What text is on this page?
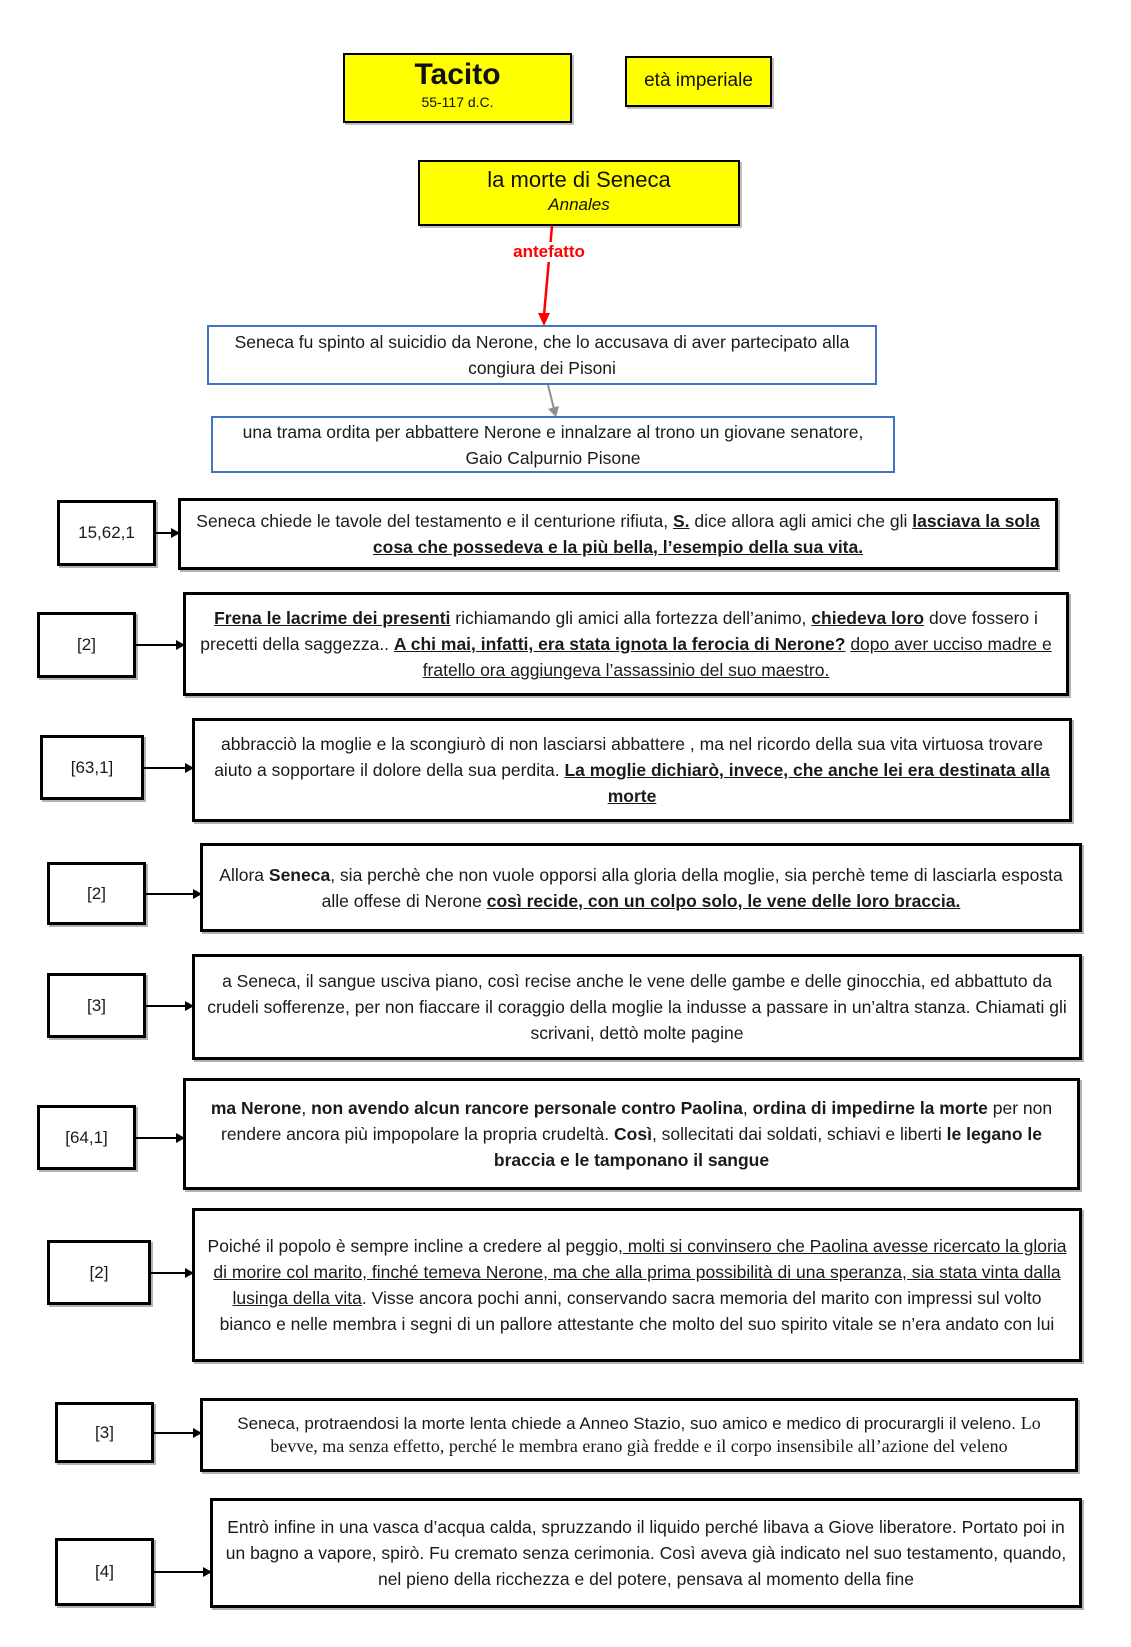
Tacito
55-117 d.C.
età imperiale
la morte di Seneca
Annales
antefatto
Seneca fu spinto al suicidio da Nerone, che lo accusava di aver partecipato alla congiura dei Pisoni
una trama ordita per abbattere Nerone e innalzare al trono un giovane senatore, Gaio Calpurnio Pisone
15,62,1

Seneca chiede le tavole del testamento e il centurione rifiuta, S. dice allora agli amici che gli lasciava la sola cosa che possedeva e la più bella, l’esempio della sua vita.

[2]

Frena le lacrime dei presenti richiamando gli amici alla fortezza dell’animo, chiedeva loro dove fossero i precetti della saggezza.. A chi mai, infatti, era stata ignota la ferocia di Nerone? dopo aver ucciso madre e fratello ora aggiungeva l’assassinio del suo maestro.

[63,1]

abbracciò la moglie e la scongiurò di non lasciarsi abbattere , ma nel ricordo della sua vita virtuosa trovare aiuto a sopportare il dolore della sua perdita. La moglie dichiarò, invece, che anche lei era destinata alla morte

[2]

Allora Seneca, sia perchè che non vuole opporsi alla gloria della moglie, sia perchè teme di lasciarla esposta alle offese di Nerone così recide, con un colpo solo, le vene delle loro braccia.

[3]

a Seneca, il sangue usciva piano, così recise anche le vene delle gambe e delle ginocchia, ed abbattuto da crudeli sofferenze, per non fiaccare il coraggio della moglie la indusse a passare in un’altra stanza. Chiamati gli scrivani, dettò molte pagine

[64,1]

ma Nerone, non avendo alcun rancore personale contro Paolina, ordina di impedirne la morte per non rendere ancora più impopolare la propria crudeltà. Così, sollecitati dai soldati, schiavi e liberti le legano le braccia e le tamponano il sangue

[2]

Poiché il popolo è sempre incline a credere al peggio, molti si convinsero che Paolina avesse ricercato la gloria di morire col marito, finché temeva Nerone, ma che alla prima possibilità di una speranza, sia stata vinta dalla lusinga della vita. Visse ancora pochi anni, conservando sacra memoria del marito con impressi sul volto bianco e nelle membra i segni di un pallore attestante che molto del suo spirito vitale se n’era andato con lui

[3]	Seneca, protraendosi la morte lenta chiede a Anneo Stazio, suo amico e medico di procurargli il veleno. Lo bevve, ma senza effetto, perché le membra erano già fredde e il corpo insensibile all’azione del veleno

[4]

Entrò infine in una vasca d’acqua calda, spruzzando il liquido perché libava a Giove liberatore. Portato poi in un bagno a vapore, spirò. Fu cremato senza cerimonia. Così aveva già indicato nel suo testamento, quando, nel pieno della ricchezza e del potere, pensava al momento della fine
